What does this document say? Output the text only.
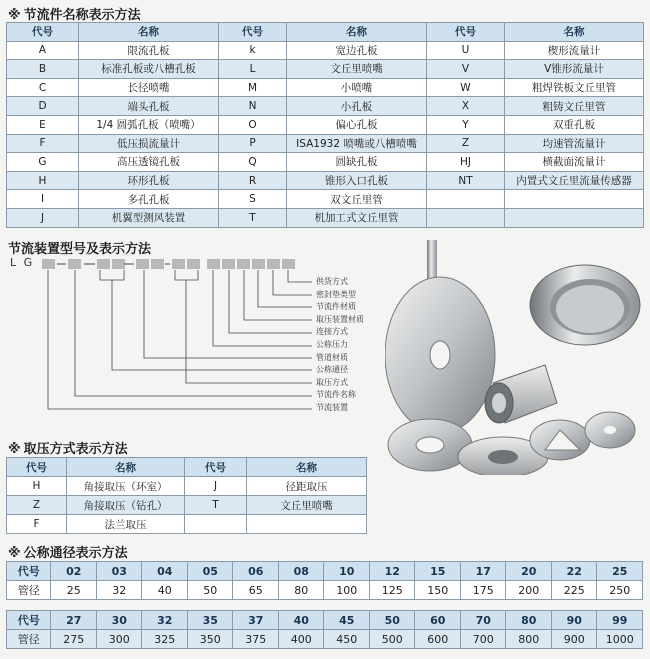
※ 节流件名称表示方法
代号	名称	代号	名称	代号	名称
A	限流孔板	k	宽边孔板	U	楔形流量计
B	标准孔板或八槽孔板	L	文丘里喷嘴	V	V锥形流量计
C	长径喷嘴	M	小喷嘴	W	粗焊铁板文丘里管
D	端头孔板	N	小孔板	X	粗铸文丘里管
E	1/4 圆弧孔板（喷嘴）	O	偏心孔板	Y	双重孔板
F	低压损流量计	P	ISA1932 喷嘴或八槽喷嘴	Z	均速管流量计
G	高压透镜孔板	Q	圆缺孔板	HJ	横截面流量计
H	环形孔板	R	锥形入口孔板	NT	内置式文丘里流量传感器
I	多孔孔板	S	双文丘里管		
J	机翼型测风装置	T	机加工式文丘里管		
节流装置型号及表示方法
L G
供货方式
密封垫类型
节流件材质
取压装置材质
连接方式
公称压力
管道材质
公称通径
取压方式
节流件名称
节流装置
※ 取压方式表示方法
代号	名称	代号	名称
H	角接取压（环室）	J	径距取压
Z	角接取压（钻孔）	T	文丘里喷嘴
F	法兰取压		
※ 公称通径表示方法
代号	02	03	04	05	06	08	10	12	15	17	20	22	25
管径	25	32	40	50	65	80	100	125	150	175	200	225	250

代号	27	30	32	35	37	40	45	50	60	70	80	90	99
管径	275	300	325	350	375	400	450	500	600	700	800	900	1000
